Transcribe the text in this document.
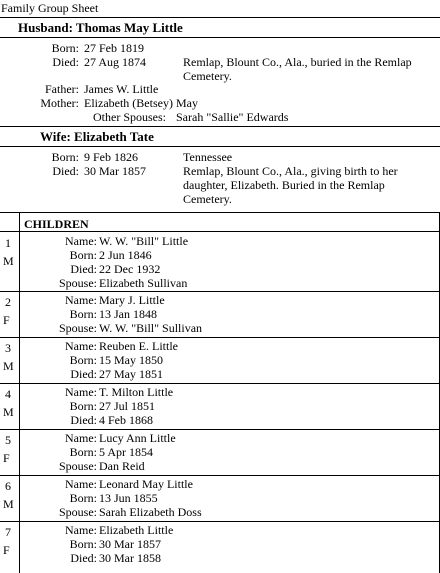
Family Group Sheet
Husband: Thomas May Little
Born: 27 Feb 1819
Died: 27 Aug 1874	Remlap, Blount Co., Ala., buried in the Remlap
Cemetery.
Father: James W. Little
Mother: Elizabeth (Betsey) May
Other Spouses: Sarah "Sallie" Edwards
Wife: Elizabeth Tate
Born: 9 Feb 1826	Tennessee
Died: 30 Mar 1857	Remlap, Blount Co., Ala., giving birth to her
daughter, Elizabeth. Buried in the Remlap
Cemetery.
CHILDREN
1
M
Name: W. W. "Bill" Little
Born: 2 Jun 1846
Died: 22 Dec 1932
Spouse: Elizabeth Sullivan
2
F
Name: Mary J. Little
Born: 13 Jan 1848
Spouse: W. W. "Bill" Sullivan
3
M
Name: Reuben E. Little
Born: 15 May 1850
Died: 27 May 1851
4
M
Name: T. Milton Little
Born: 27 Jul 1851
Died: 4 Feb 1868
5
F
Name: Lucy Ann Little
Born: 5 Apr 1854
Spouse: Dan Reid
6
M
Name: Leonard May Little
Born: 13 Jun 1855
Spouse: Sarah Elizabeth Doss
7
F
Name: Elizabeth Little
Born: 30 Mar 1857
Died: 30 Mar 1858
